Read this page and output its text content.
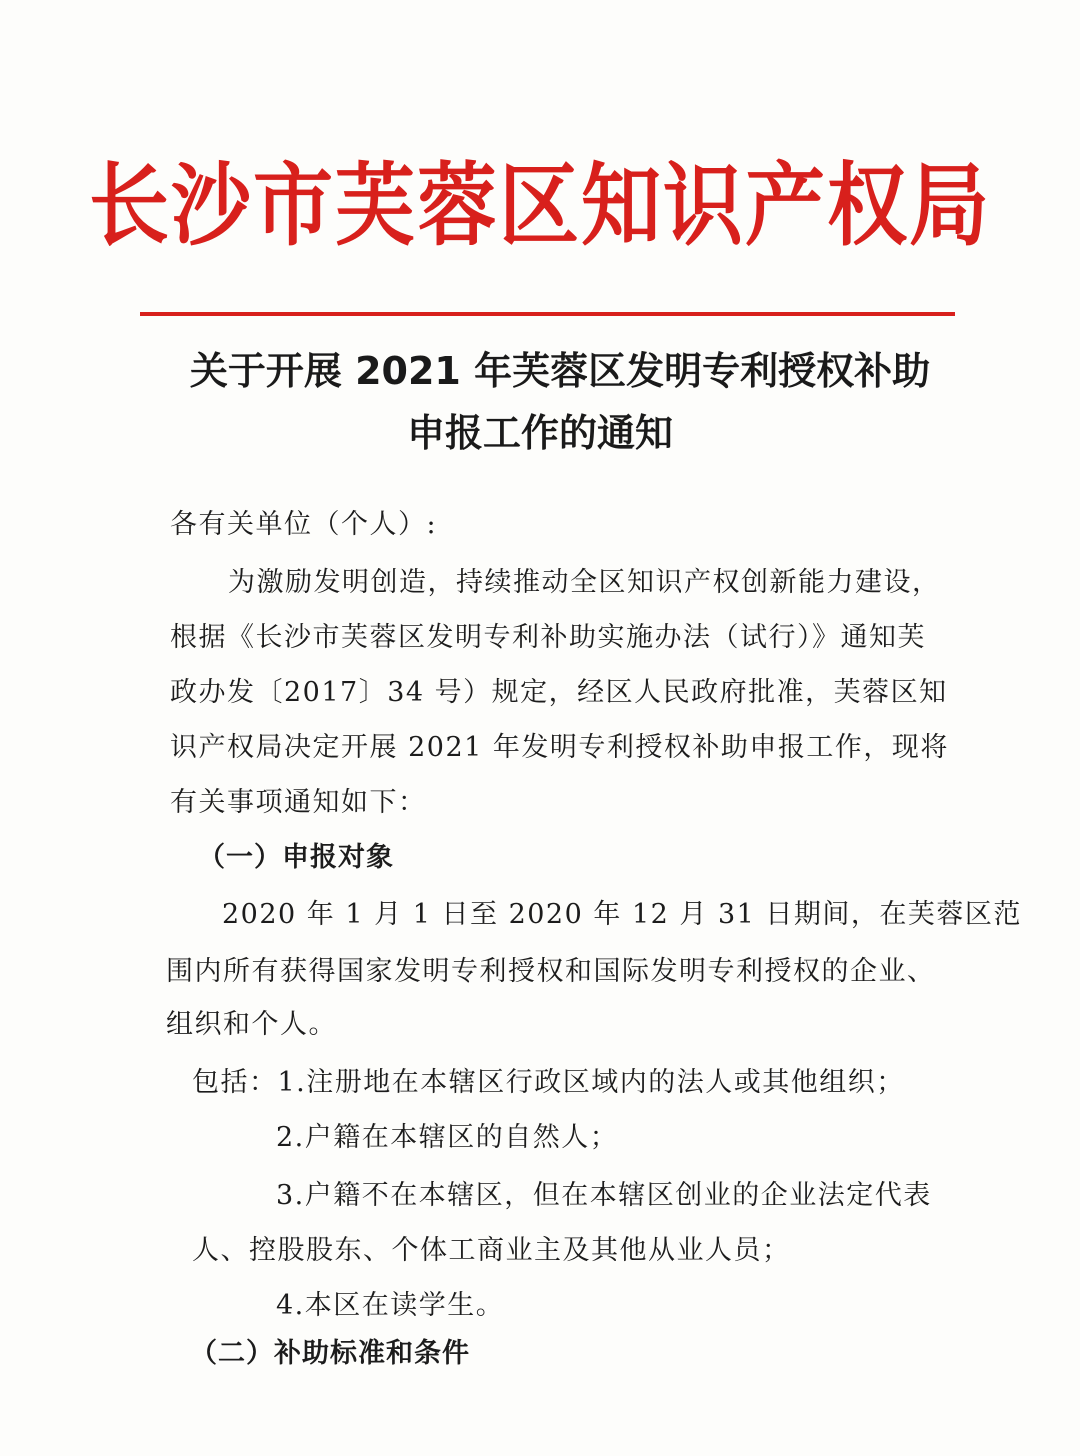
长沙市芙蓉区知识产权局
关于开展 2021 年芙蓉区发明专利授权补助
申报工作的通知
各有关单位（个人）:
为激励发明创造，持续推动全区知识产权创新能力建设，
根据《长沙市芙蓉区发明专利补助实施办法（试行）》通知芙
政办发〔2017〕34 号）规定，经区人民政府批准，芙蓉区知
识产权局决定开展 2021 年发明专利授权补助申报工作，现将
有关事项通知如下：
（一）申报对象
2020 年 1 月 1 日至 2020 年 12 月 31 日期间，在芙蓉区范
围内所有获得国家发明专利授权和国际发明专利授权的企业、
组织和个人。
包括：1.注册地在本辖区行政区域内的法人或其他组织；
2.户籍在本辖区的自然人；
3.户籍不在本辖区，但在本辖区创业的企业法定代表
人、控股股东、个体工商业主及其他从业人员；
4.本区在读学生。
（二）补助标准和条件
